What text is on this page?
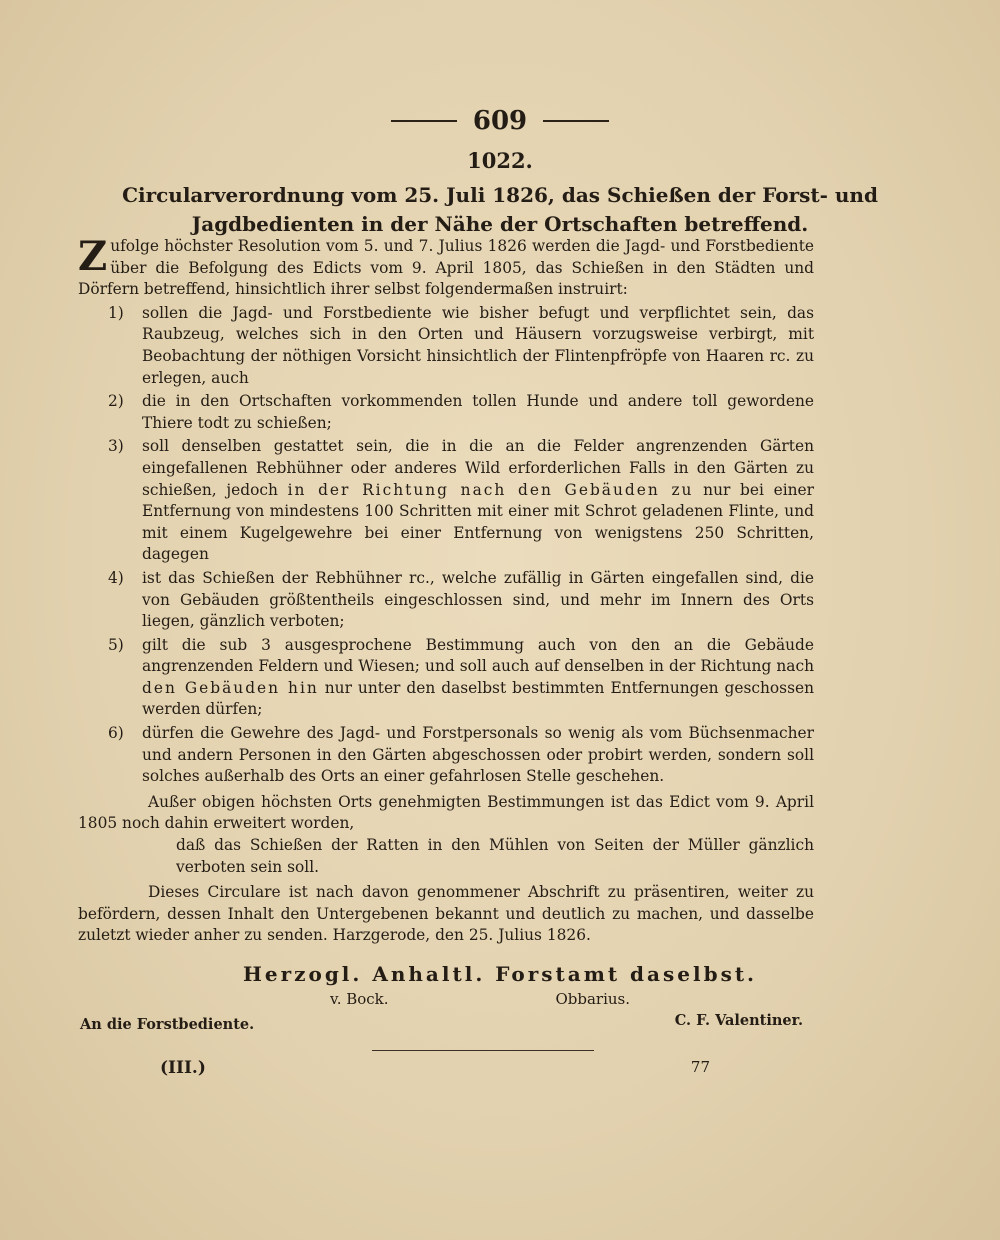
609
1022.
Circularverordnung vom 25. Juli 1826, das Schießen der Forst- und Jagdbedienten in der Nähe der Ortschaften betreffend.

Zufolge höchster Resolution vom 5. und 7. Julius 1826 werden die Jagd- und Forstbediente über die Befolgung des Edicts vom 9. April 1805, das Schießen in den Städten und Dörfern betreffend, hinsichtlich ihrer selbst folgendermaßen instruirt:

1) sollen die Jagd- und Forstbediente wie bisher befugt und verpflichtet sein, das Raubzeug, welches sich in den Orten und Häusern vorzugsweise verbirgt, mit Beobachtung der nöthigen Vorsicht hinsichtlich der Flintenpfröpfe von Haaren rc. zu erlegen, auch
2) die in den Ortschaften vorkommenden tollen Hunde und andere toll gewordene Thiere todt zu schießen;
3) soll denselben gestattet sein, die in die an die Felder angrenzenden Gärten eingefallenen Rebhühner oder anderes Wild erforderlichen Falls in den Gärten zu schießen, jedoch in der Richtung nach den Gebäuden zu nur bei einer Entfernung von mindestens 100 Schritten mit einer mit Schrot geladenen Flinte, und mit einem Kugelgewehre bei einer Entfernung von wenigstens 250 Schritten, dagegen
4) ist das Schießen der Rebhühner rc., welche zufällig in Gärten eingefallen sind, die von Gebäuden größtentheils eingeschlossen sind, und mehr im Innern des Orts liegen, gänzlich verboten;
5) gilt die sub 3 ausgesprochene Bestimmung auch von den an die Gebäude angrenzenden Feldern und Wiesen; und soll auch auf denselben in der Richtung nach den Gebäuden hin nur unter den daselbst bestimmten Entfernungen geschossen werden dürfen;
6) dürfen die Gewehre des Jagd- und Forstpersonals so wenig als vom Büchsenmacher und andern Personen in den Gärten abgeschossen oder probirt werden, sondern soll solches außerhalb des Orts an einer gefahrlosen Stelle geschehen.

Außer obigen höchsten Orts genehmigten Bestimmungen ist das Edict vom 9. April 1805 noch dahin erweitert worden,

daß das Schießen der Ratten in den Mühlen von Seiten der Müller gänzlich verboten sein soll.

Dieses Circulare ist nach davon genommener Abschrift zu präsentiren, weiter zu befördern, dessen Inhalt den Untergebenen bekannt und deutlich zu machen, und dasselbe zuletzt wieder anher zu senden. Harzgerode, den 25. Julius 1826.

Herzogl. Anhaltl. Forstamt daselbst.
v. Bock.	Obbarius.
An die Forstbediente.	C. F. Valentiner.
(III.)	77
